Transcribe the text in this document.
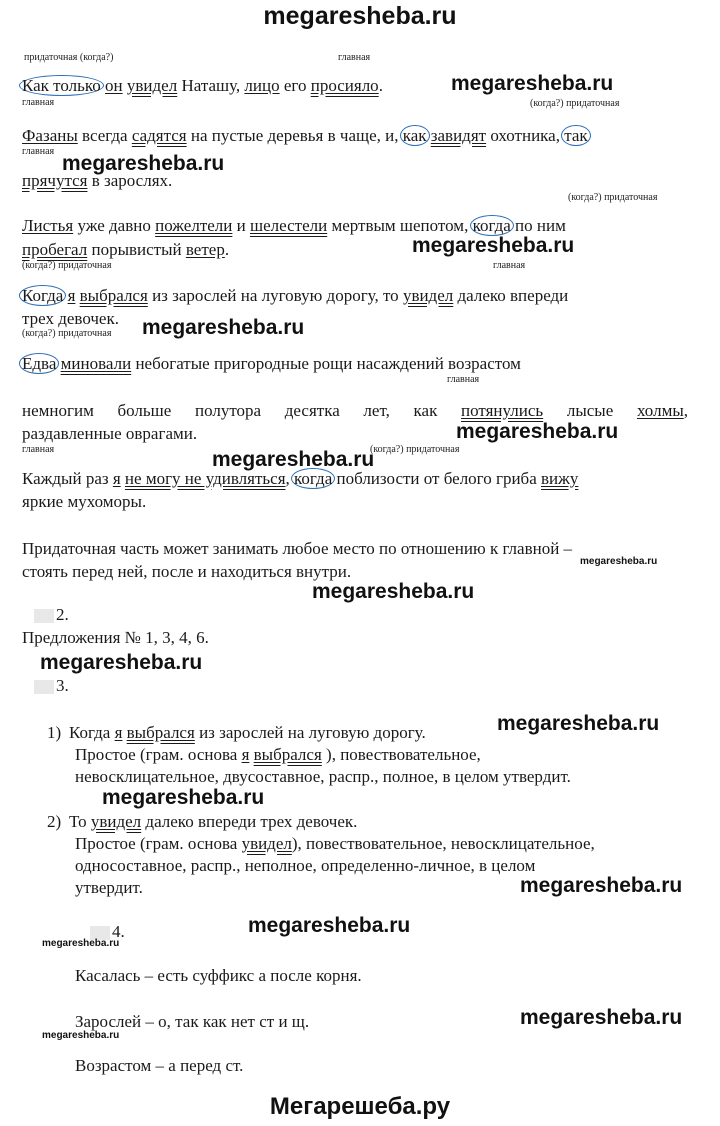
megaresheba.ru
Мегарешеба.ру
придаточная (когда?)	главная
Как только он увидел Наташу, лицо его просияло.	megaresheba.ru
(когда?) придаточная
главная
Фазаны всегда садятся на пустые деревья в чаще, и, как завидят охотника, так
главная
megaresheba.ru
прячутся в зарослях.
(когда?) придаточная
Листья уже давно пожелтели и шелестели мертвым шепотом, когда по ним
пробегал порывистый ветер.	megaresheba.ru
(когда?) придаточная	главная
Когда я выбрался из зарослей на луговую дорогу, то увидел далеко впереди
трех девочек.
(когда?) придаточная megaresheba.ru
Едва миновали небогатые пригородные рощи насаждений возрастом
главная
немногим больше полутора десятка лет, как потянулись лысые холмы,
раздавленные оврагами.	megaresheba.ru
главная	(когда?) придаточная
megaresheba.ru
Каждый раз я не могу не удивляться, когда поблизости от белого гриба вижу
яркие мухоморы.
Придаточная часть может занимать любое место по отношению к главной –
стоять перед ней, после и находиться внутри.
megaresheba.ru
megaresheba.ru
2.
Предложения № 1, 3, 4, 6.
megaresheba.ru
3.
1) Когда я выбрался из зарослей на луговую дорогу.	megaresheba.ru
Простое (грам. основа я выбрался ), повествовательное,
невосклицательное, двусоставное, распр., полное, в целом утвердит.
megaresheba.ru
2) То увидел далеко впереди трех девочек.
Простое (грам. основа увидел), повествовательное, невосклицательное,
односоставное, распр., неполное, определенно-личное, в целом
утвердит.	megaresheba.ru
4.	megaresheba.ru
megaresheba.ru
Касалась – есть суффикс а после корня.
megaresheba.ru
Зарослей – о, так как нет ст и щ.
megaresheba.ru
Возрастом – а перед ст.
